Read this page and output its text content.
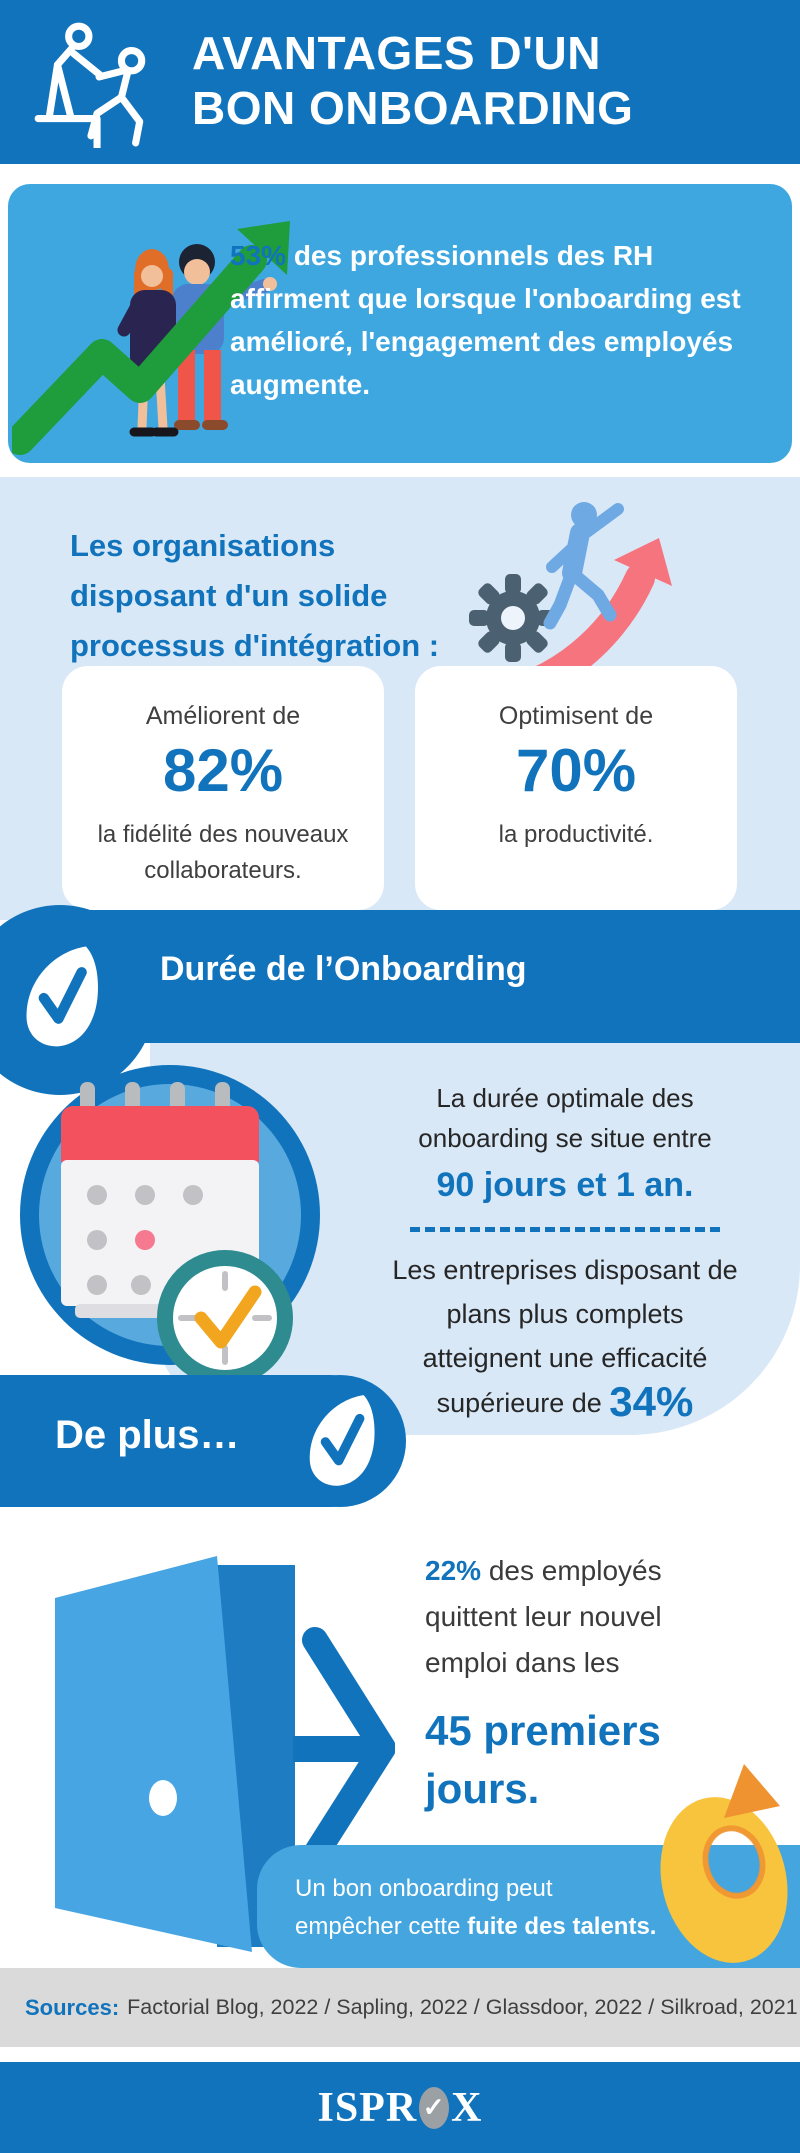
AVANTAGES D'UN
BON ONBOARDING
53% des professionnels des RH
affirment que lorsque l'onboarding est
amélioré, l'engagement des employés
augmente.
Les organisations
disposant d'un solide
processus d'intégration :
Améliorent de
82%
la fidélité des nouveaux collaborateurs.
Optimisent de
70%
la productivité.
Durée de l’Onboarding
La durée optimale des
onboarding se situe entre
90 jours et 1 an.
Les entreprises disposant de
plans plus complets
atteignent une efficacité
supérieure de 34%
De plus…
22% des employés
quittent leur nouvel
emploi dans les
45 premiers
jours.
Un bon onboarding peut
empêcher cette fuite des talents.
Sources: Factorial Blog, 2022 / Sapling, 2022 / Glassdoor, 2022 / Silkroad, 2021
ISPR ✓ X
